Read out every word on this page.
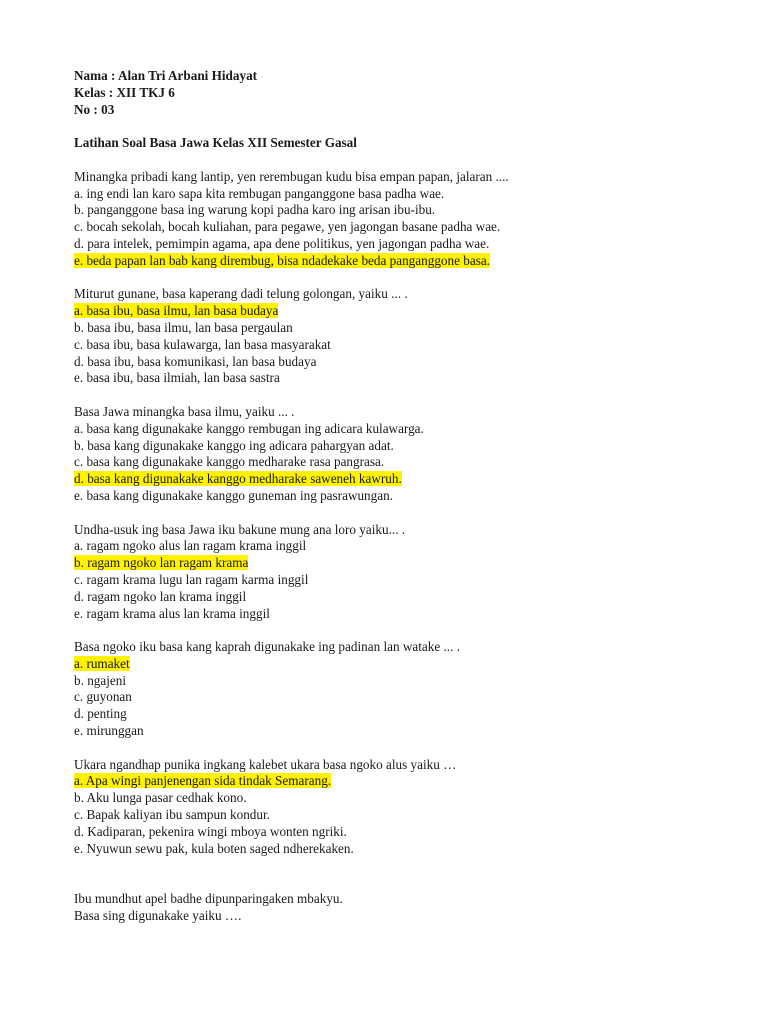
Nama : Alan Tri Arbani Hidayat
Kelas : XII TKJ 6
No : 03
Latihan Soal Basa Jawa Kelas XII Semester Gasal
Minangka pribadi kang lantip, yen rerembugan kudu bisa empan papan, jalaran ....
a. ing endi lan karo sapa kita rembugan panganggone basa padha wae.
b. panganggone basa ing warung kopi padha karo ing arisan ibu-ibu.
c. bocah sekolah, bocah kuliahan, para pegawe, yen jagongan basane padha wae.
d. para intelek, pemimpin agama, apa dene politikus, yen jagongan padha wae.
e. beda papan lan bab kang dirembug, bisa ndadekake beda panganggone basa.
Miturut gunane, basa kaperang dadi telung golongan, yaiku ... .
a. basa ibu, basa ilmu, lan basa budaya
b. basa ibu, basa ilmu, lan basa pergaulan
c. basa ibu, basa kulawarga, lan basa masyarakat
d. basa ibu, basa komunikasi, lan basa budaya
e. basa ibu, basa ilmiah, lan basa sastra
Basa Jawa minangka basa ilmu, yaiku ... .
a. basa kang digunakake kanggo rembugan ing adicara kulawarga.
b. basa kang digunakake kanggo ing adicara pahargyan adat.
c. basa kang digunakake kanggo medharake rasa pangrasa.
d. basa kang digunakake kanggo medharake saweneh kawruh.
e. basa kang digunakake kanggo guneman ing pasrawungan.
Undha-usuk ing basa Jawa iku bakune mung ana loro yaiku... .
a. ragam ngoko alus lan ragam krama inggil
b. ragam ngoko lan ragam krama
c. ragam krama lugu lan ragam karma inggil
d. ragam ngoko lan krama inggil
e. ragam krama alus lan krama inggil
Basa ngoko iku basa kang kaprah digunakake ing padinan lan watake ... .
a. rumaket
b. ngajeni
c. guyonan
d. penting
e. mirunggan
Ukara ngandhap punika ingkang kalebet ukara basa ngoko alus yaiku …
a. Apa wingi panjenengan sida tindak Semarang.
b. Aku lunga pasar cedhak kono.
c. Bapak kaliyan ibu sampun kondur.
d. Kadiparan, pekenira wingi mboya wonten ngriki.
e. Nyuwun sewu pak, kula boten saged ndherekaken.
Ibu mundhut apel badhe dipunparingaken mbakyu.
Basa sing digunakake yaiku ….
